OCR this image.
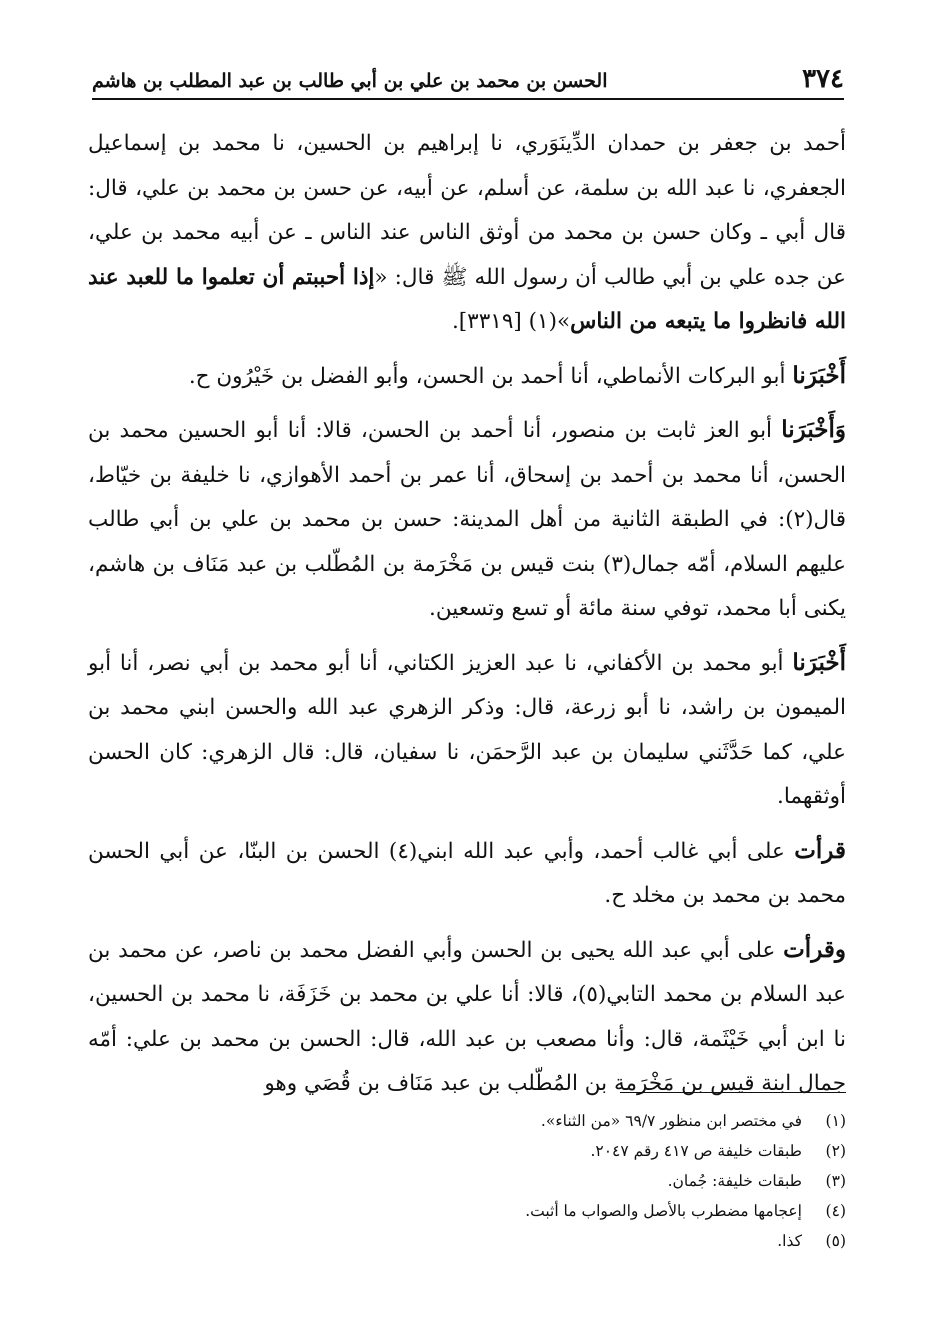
٣٧٤
الحسن بن محمد بن علي بن أبي طالب بن عبد المطلب بن هاشم

أحمد بن جعفر بن حمدان الدِّينَوَري، نا إبراهيم بن الحسين، نا محمد بن إسماعيل الجعفري، نا عبد الله بن سلمة، عن أسلم، عن أبيه، عن حسن بن محمد بن علي، قال: قال أبي ـ وكان حسن بن محمد من أوثق الناس عند الناس ـ عن أبيه محمد بن علي، عن جده علي بن أبي طالب أن رسول الله ﷺ قال: «إذا أحببتم أن تعلموا ما للعبد عند الله فانظروا ما يتبعه من الناس»(١) [٣٣١٩].

أَخْبَرَنا أبو البركات الأنماطي، أنا أحمد بن الحسن، وأبو الفضل بن خَيْرُون ح.

وَأَخْبَرَنا أبو العز ثابت بن منصور، أنا أحمد بن الحسن، قالا: أنا أبو الحسين محمد بن الحسن، أنا محمد بن أحمد بن إسحاق، أنا عمر بن أحمد الأهوازي، نا خليفة بن خيّاط، قال(٢): في الطبقة الثانية من أهل المدينة: حسن بن محمد بن علي بن أبي طالب عليهم السلام، أمّه جمال(٣) بنت قيس بن مَخْرَمة بن المُطّلب بن عبد مَنَاف بن هاشم، يكنى أبا محمد، توفي سنة مائة أو تسع وتسعين.

أَخْبَرَنا أبو محمد بن الأكفاني، نا عبد العزيز الكتاني، أنا أبو محمد بن أبي نصر، أنا أبو الميمون بن راشد، نا أبو زرعة، قال: وذكر الزهري عبد الله والحسن ابني محمد بن علي، كما حَدَّثَني سليمان بن عبد الرَّحمَن، نا سفيان، قال: قال الزهري: كان الحسن أوثقهما.

قرأت على أبي غالب أحمد، وأبي عبد الله ابني(٤) الحسن بن البنّا، عن أبي الحسن محمد بن محمد بن مخلد ح.

وقرأت على أبي عبد الله يحيى بن الحسن وأبي الفضل محمد بن ناصر، عن محمد بن عبد السلام بن محمد التابي(٥)، قالا: أنا علي بن محمد بن خَزَفَة، نا محمد بن الحسين، نا ابن أبي خَيْثَمة، قال: وأنا مصعب بن عبد الله، قال: الحسن بن محمد بن علي: أمّه جمال ابنة قيس بن مَخْرَمة بن المُطّلب بن عبد مَنَاف بن قُصَي وهو

(١)
في مختصر ابن منظور ٦٩/٧ «من الثناء».
(٢)
طبقات خليفة ص ٤١٧ رقم ٢٠٤٧.
(٣)
طبقات خليفة: جُمان.
(٤)
إعجامها مضطرب بالأصل والصواب ما أثبت.
(٥)
كذا.
